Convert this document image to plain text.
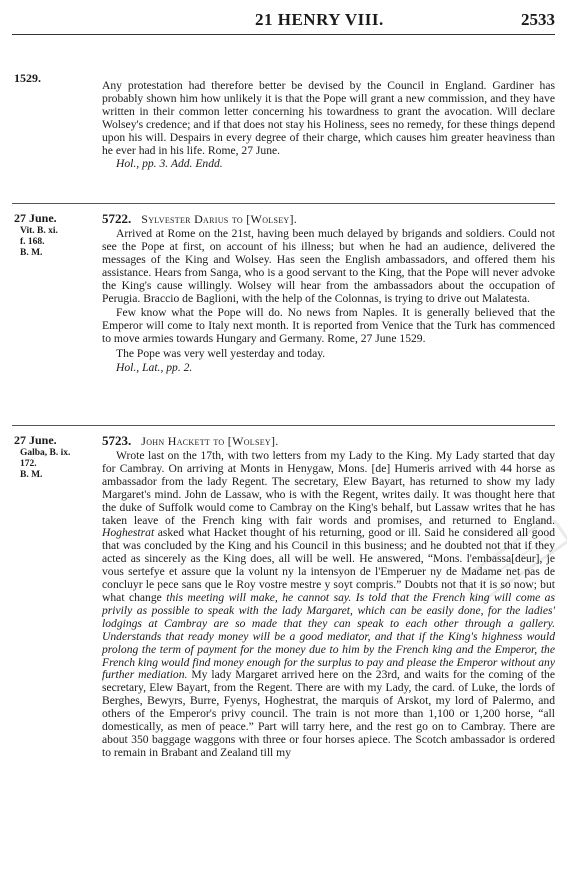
21 HENRY VIII.	2533
1529.

Any protestation had therefore better be devised by the Council in England. Gardiner has probably shown him how unlikely it is that the Pope will grant a new commission, and they have written in their common letter concerning his towardness to grant the avocation. Will declare Wolsey's credence; and if that does not stay his Holiness, sees no remedy, for these things depend upon his will. Despairs in every degree of their charge, which causes him greater heaviness than he ever had in his life. Rome, 27 June.

Hol., pp. 3. Add. Endd.

27 June.
Vit. B. xi.
f. 168.
B. M.
5722. Sylvester Darius to [Wolsey].

Arrived at Rome on the 21st, having been much delayed by brigands and soldiers. Could not see the Pope at first, on account of his illness; but when he had an audience, delivered the messages of the King and Wolsey. Has seen the English ambassadors, and offered them his assistance. Hears from Sanga, who is a good servant to the King, that the Pope will never advoke the King's cause willingly. Wolsey will hear from the ambassadors about the occupation of Perugia. Braccio de Baglioni, with the help of the Colonnas, is trying to drive out Malatesta.

Few know what the Pope will do. No news from Naples. It is generally believed that the Emperor will come to Italy next month. It is reported from Venice that the Turk has commenced to move armies towards Hungary and Germany. Rome, 27 June 1529.

The Pope was very well yesterday and today.

Hol., Lat., pp. 2.

27 June.
Galba, B. ix.
172.
B. M.
5723. John Hackett to [Wolsey].

Wrote last on the 17th, with two letters from my Lady to the King. My Lady started that day for Cambray. On arriving at Monts in Henygaw, Mons. [de] Humeris arrived with 44 horse as ambassador from the lady Regent. The secretary, Elew Bayart, has returned to show my lady Margaret's mind. John de Lassaw, who is with the Regent, writes daily. It was thought here that the duke of Suffolk would come to Cambray on the King's behalf, but Lassaw writes that he has taken leave of the French king with fair words and promises, and returned to England. Hoghestrat asked what Hacket thought of his returning, good or ill. Said he considered all good that was concluded by the King and his Council in this business; and he doubted not that if they acted as sincerely as the King does, all will be well. He answered, “Mons. l'embassa[deur], je vous sertefye et assure que la volunt ny la intensyon de l'Emperuer ny de Madame net pas de concluyr le pece sans que le Roy vostre mestre y soyt compris.” Doubts not that it is so now; but what change this meeting will make, he cannot say. Is told that the French king will come as privily as possible to speak with the lady Margaret, which can be easily done, for the ladies' lodgings at Cambray are so made that they can speak to each other through a gallery. Understands that ready money will be a good mediator, and that if the King's highness would prolong the term of payment for the money due to him by the French king and the Emperor, the French king would find money enough for the surplus to pay and please the Emperor without any further mediation. My lady Margaret arrived here on the 23rd, and waits for the coming of the secretary, Elew Bayart, from the Regent. There are with my Lady, the card. of Luke, the lords of Berghes, Bewyrs, Burre, Fyenys, Hoghestrat, the marquis of Arskot, my lord of Palermo, and others of the Emperor's privy council. The train is not more than 1,100 or 1,200 horse, “all domestically, as men of peace.” Part will tarry here, and the rest go on to Cambray. There are about 350 baggage waggons with three or four horses apiece. The Scotch ambassador is ordered to remain in Brabant and Zealand till my
